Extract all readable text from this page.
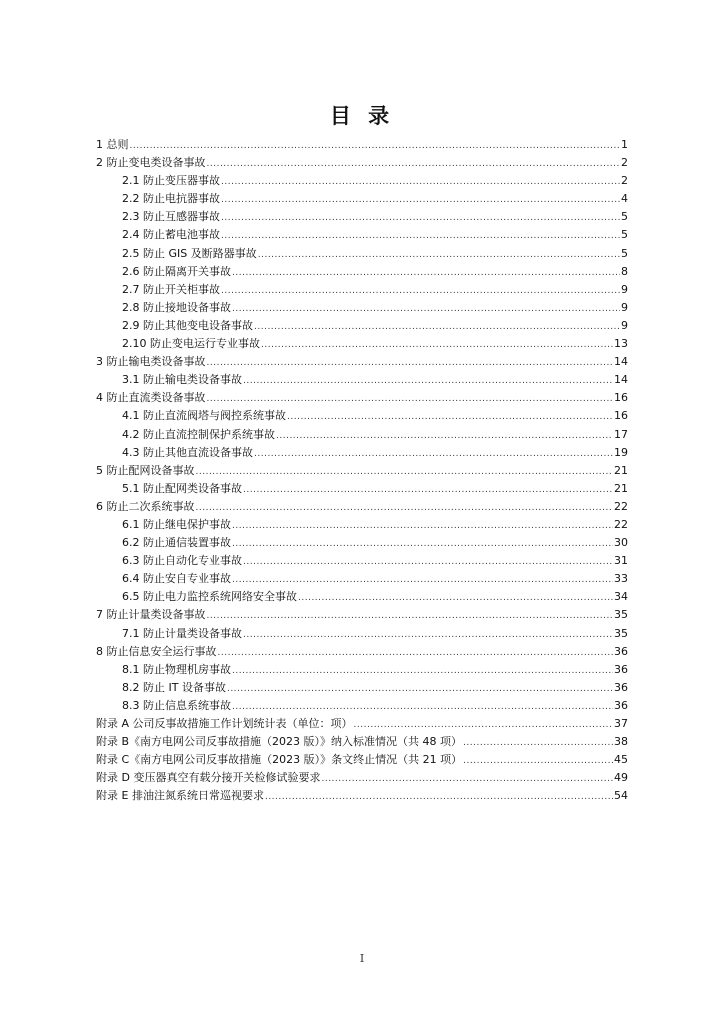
目 录
1 总则 .....	1
2 防止变电类设备事故 .....	2
2.1 防止变压器事故 .....	2
2.2 防止电抗器事故 .....	4
2.3 防止互感器事故 .....	5
2.4 防止蓄电池事故 .....	5
2.5 防止 GIS 及断路器事故 .....	5
2.6 防止隔离开关事故 .....	8
2.7 防止开关柜事故 .....	9
2.8 防止接地设备事故 .....	9
2.9 防止其他变电设备事故 .....	9
2.10 防止变电运行专业事故 .....	13
3 防止输电类设备事故 .....	14
3.1 防止输电类设备事故 .....	14
4 防止直流类设备事故 .....	16
4.1 防止直流阀塔与阀控系统事故 .....	16
4.2 防止直流控制保护系统事故 .....	17
4.3 防止其他直流设备事故 .....	19
5 防止配网设备事故 .....	21
5.1 防止配网类设备事故 .....	21
6 防止二次系统事故 .....	22
6.1 防止继电保护事故 .....	22
6.2 防止通信装置事故 .....	30
6.3 防止自动化专业事故 .....	31
6.4 防止安自专业事故 .....	33
6.5 防止电力监控系统网络安全事故 .....	34
7 防止计量类设备事故 .....	35
7.1 防止计量类设备事故 .....	35
8 防止信息安全运行事故 .....	36
8.1 防止物理机房事故 .....	36
8.2 防止 IT 设备事故 .....	36
8.3 防止信息系统事故 .....	36
附录 A 公司反事故措施工作计划统计表（单位：项） .....	37
附录 B《南方电网公司反事故措施（2023 版）》纳入标准情况（共 48 项） .....	38
附录 C《南方电网公司反事故措施（2023 版）》条文终止情况（共 21 项） .....	45
附录 D 变压器真空有载分接开关检修试验要求 .....	49
附录 E 排油注氮系统日常巡视要求 .....	54
I
